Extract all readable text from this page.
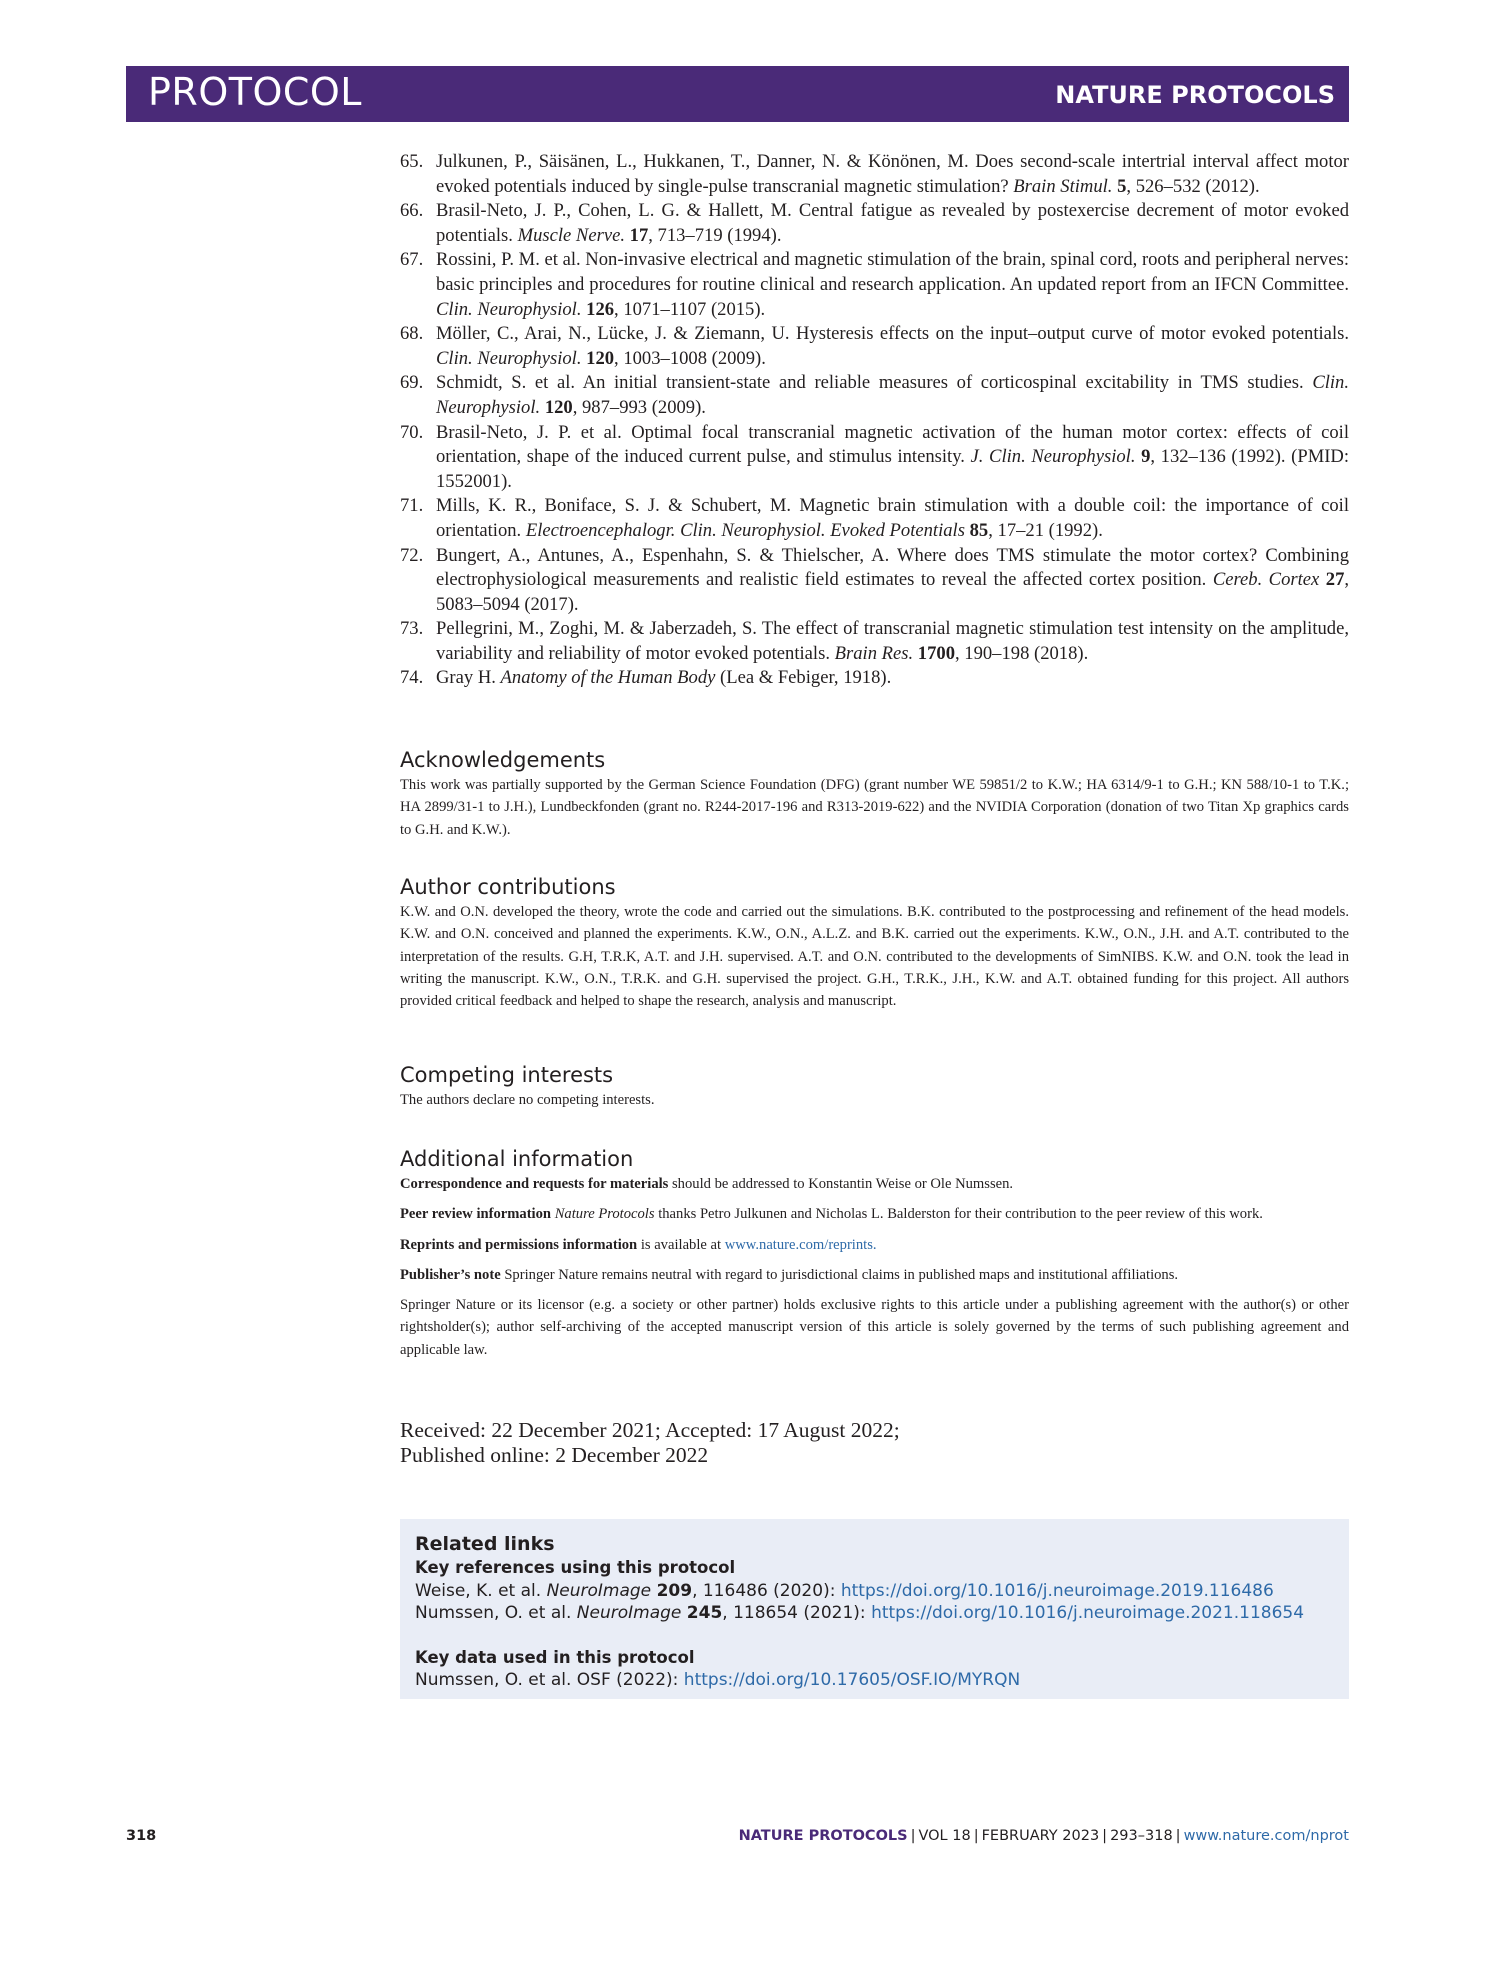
PROTOCOL	NATURE PROTOCOLS
65. Julkunen, P., Säisänen, L., Hukkanen, T., Danner, N. & Könönen, M. Does second-scale intertrial interval affect motor evoked potentials induced by single-pulse transcranial magnetic stimulation? Brain Stimul. 5, 526–532 (2012).
66. Brasil-Neto, J. P., Cohen, L. G. & Hallett, M. Central fatigue as revealed by postexercise decrement of motor evoked potentials. Muscle Nerve. 17, 713–719 (1994).
67. Rossini, P. M. et al. Non-invasive electrical and magnetic stimulation of the brain, spinal cord, roots and peripheral nerves: basic principles and procedures for routine clinical and research application. An updated report from an IFCN Committee. Clin. Neurophysiol. 126, 1071–1107 (2015).
68. Möller, C., Arai, N., Lücke, J. & Ziemann, U. Hysteresis effects on the input–output curve of motor evoked potentials. Clin. Neurophysiol. 120, 1003–1008 (2009).
69. Schmidt, S. et al. An initial transient-state and reliable measures of corticospinal excitability in TMS studies. Clin. Neurophysiol. 120, 987–993 (2009).
70. Brasil-Neto, J. P. et al. Optimal focal transcranial magnetic activation of the human motor cortex: effects of coil orientation, shape of the induced current pulse, and stimulus intensity. J. Clin. Neurophysiol. 9, 132–136 (1992). (PMID: 1552001).
71. Mills, K. R., Boniface, S. J. & Schubert, M. Magnetic brain stimulation with a double coil: the importance of coil orientation. Electroencephalogr. Clin. Neurophysiol. Evoked Potentials 85, 17–21 (1992).
72. Bungert, A., Antunes, A., Espenhahn, S. & Thielscher, A. Where does TMS stimulate the motor cortex? Combining electrophysiological measurements and realistic field estimates to reveal the affected cortex position. Cereb. Cortex 27, 5083–5094 (2017).
73. Pellegrini, M., Zoghi, M. & Jaberzadeh, S. The effect of transcranial magnetic stimulation test intensity on the amplitude, variability and reliability of motor evoked potentials. Brain Res. 1700, 190–198 (2018).
74. Gray H. Anatomy of the Human Body (Lea & Febiger, 1918).
Acknowledgements

This work was partially supported by the German Science Foundation (DFG) (grant number WE 59851/2 to K.W.; HA 6314/9-1 to G.H.; KN 588/10-1 to T.K.; HA 2899/31-1 to J.H.), Lundbeckfonden (grant no. R244-2017-196 and R313-2019-622) and the NVIDIA Corporation (donation of two Titan Xp graphics cards to G.H. and K.W.).

Author contributions

K.W. and O.N. developed the theory, wrote the code and carried out the simulations. B.K. contributed to the postprocessing and refinement of the head models. K.W. and O.N. conceived and planned the experiments. K.W., O.N., A.L.Z. and B.K. carried out the experiments. K.W., O.N., J.H. and A.T. contributed to the interpretation of the results. G.H, T.R.K, A.T. and J.H. supervised. A.T. and O.N. contributed to the developments of SimNIBS. K.W. and O.N. took the lead in writing the manuscript. K.W., O.N., T.R.K. and G.H. supervised the project. G.H., T.R.K., J.H., K.W. and A.T. obtained funding for this project. All authors provided critical feedback and helped to shape the research, analysis and manuscript.

Competing interests

The authors declare no competing interests.

Additional information

Correspondence and requests for materials should be addressed to Konstantin Weise or Ole Numssen.

Peer review information Nature Protocols thanks Petro Julkunen and Nicholas L. Balderston for their contribution to the peer review of this work.

Reprints and permissions information is available at www.nature.com/reprints.

Publisher’s note Springer Nature remains neutral with regard to jurisdictional claims in published maps and institutional affiliations.

Springer Nature or its licensor (e.g. a society or other partner) holds exclusive rights to this article under a publishing agreement with the author(s) or other rightsholder(s); author self-archiving of the accepted manuscript version of this article is solely governed by the terms of such publishing agreement and applicable law.

Received: 22 December 2021; Accepted: 17 August 2022;
Published online: 2 December 2022
Related links
Key references using this protocol
Weise, K. et al. NeuroImage 209, 116486 (2020): https://doi.org/10.1016/j.neuroimage.2019.116486
Numssen, O. et al. NeuroImage 245, 118654 (2021): https://doi.org/10.1016/j.neuroimage.2021.118654
Key data used in this protocol
Numssen, O. et al. OSF (2022): https://doi.org/10.17605/OSF.IO/MYRQN
318	NATURE PROTOCOLS | VOL 18 | FEBRUARY 2023 | 293–318 | www.nature.com/nprot
